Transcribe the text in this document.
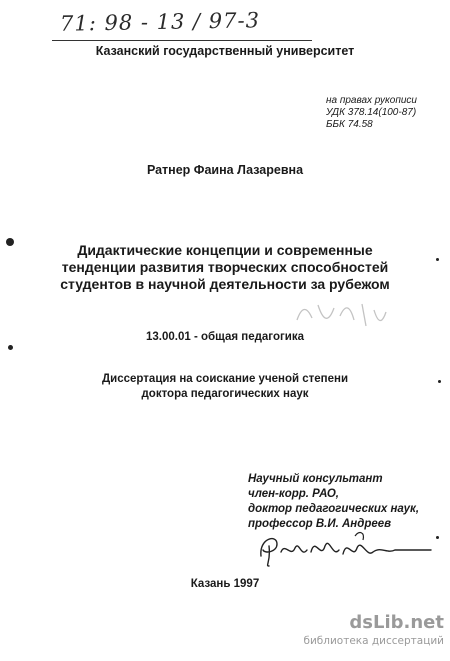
71: 98 - 13 / 97-3
Казанский государственный университет
на правах рукописи
УДК 378.14(100-87)
ББК 74.58
Ратнер Фаина Лазаревна
Дидактические концепции и современные
тенденции развития творческих способностей
студентов в научной деятельности за рубежом
13.00.01 - общая педагогика
Диссертация на соискание ученой степени
доктора педагогических наук
Научный консультант
член-корр. РАО,
доктор педагогических наук,
профессор В.И. Андреев
Казань 1997
dsLib.net
библиотека диссертаций
